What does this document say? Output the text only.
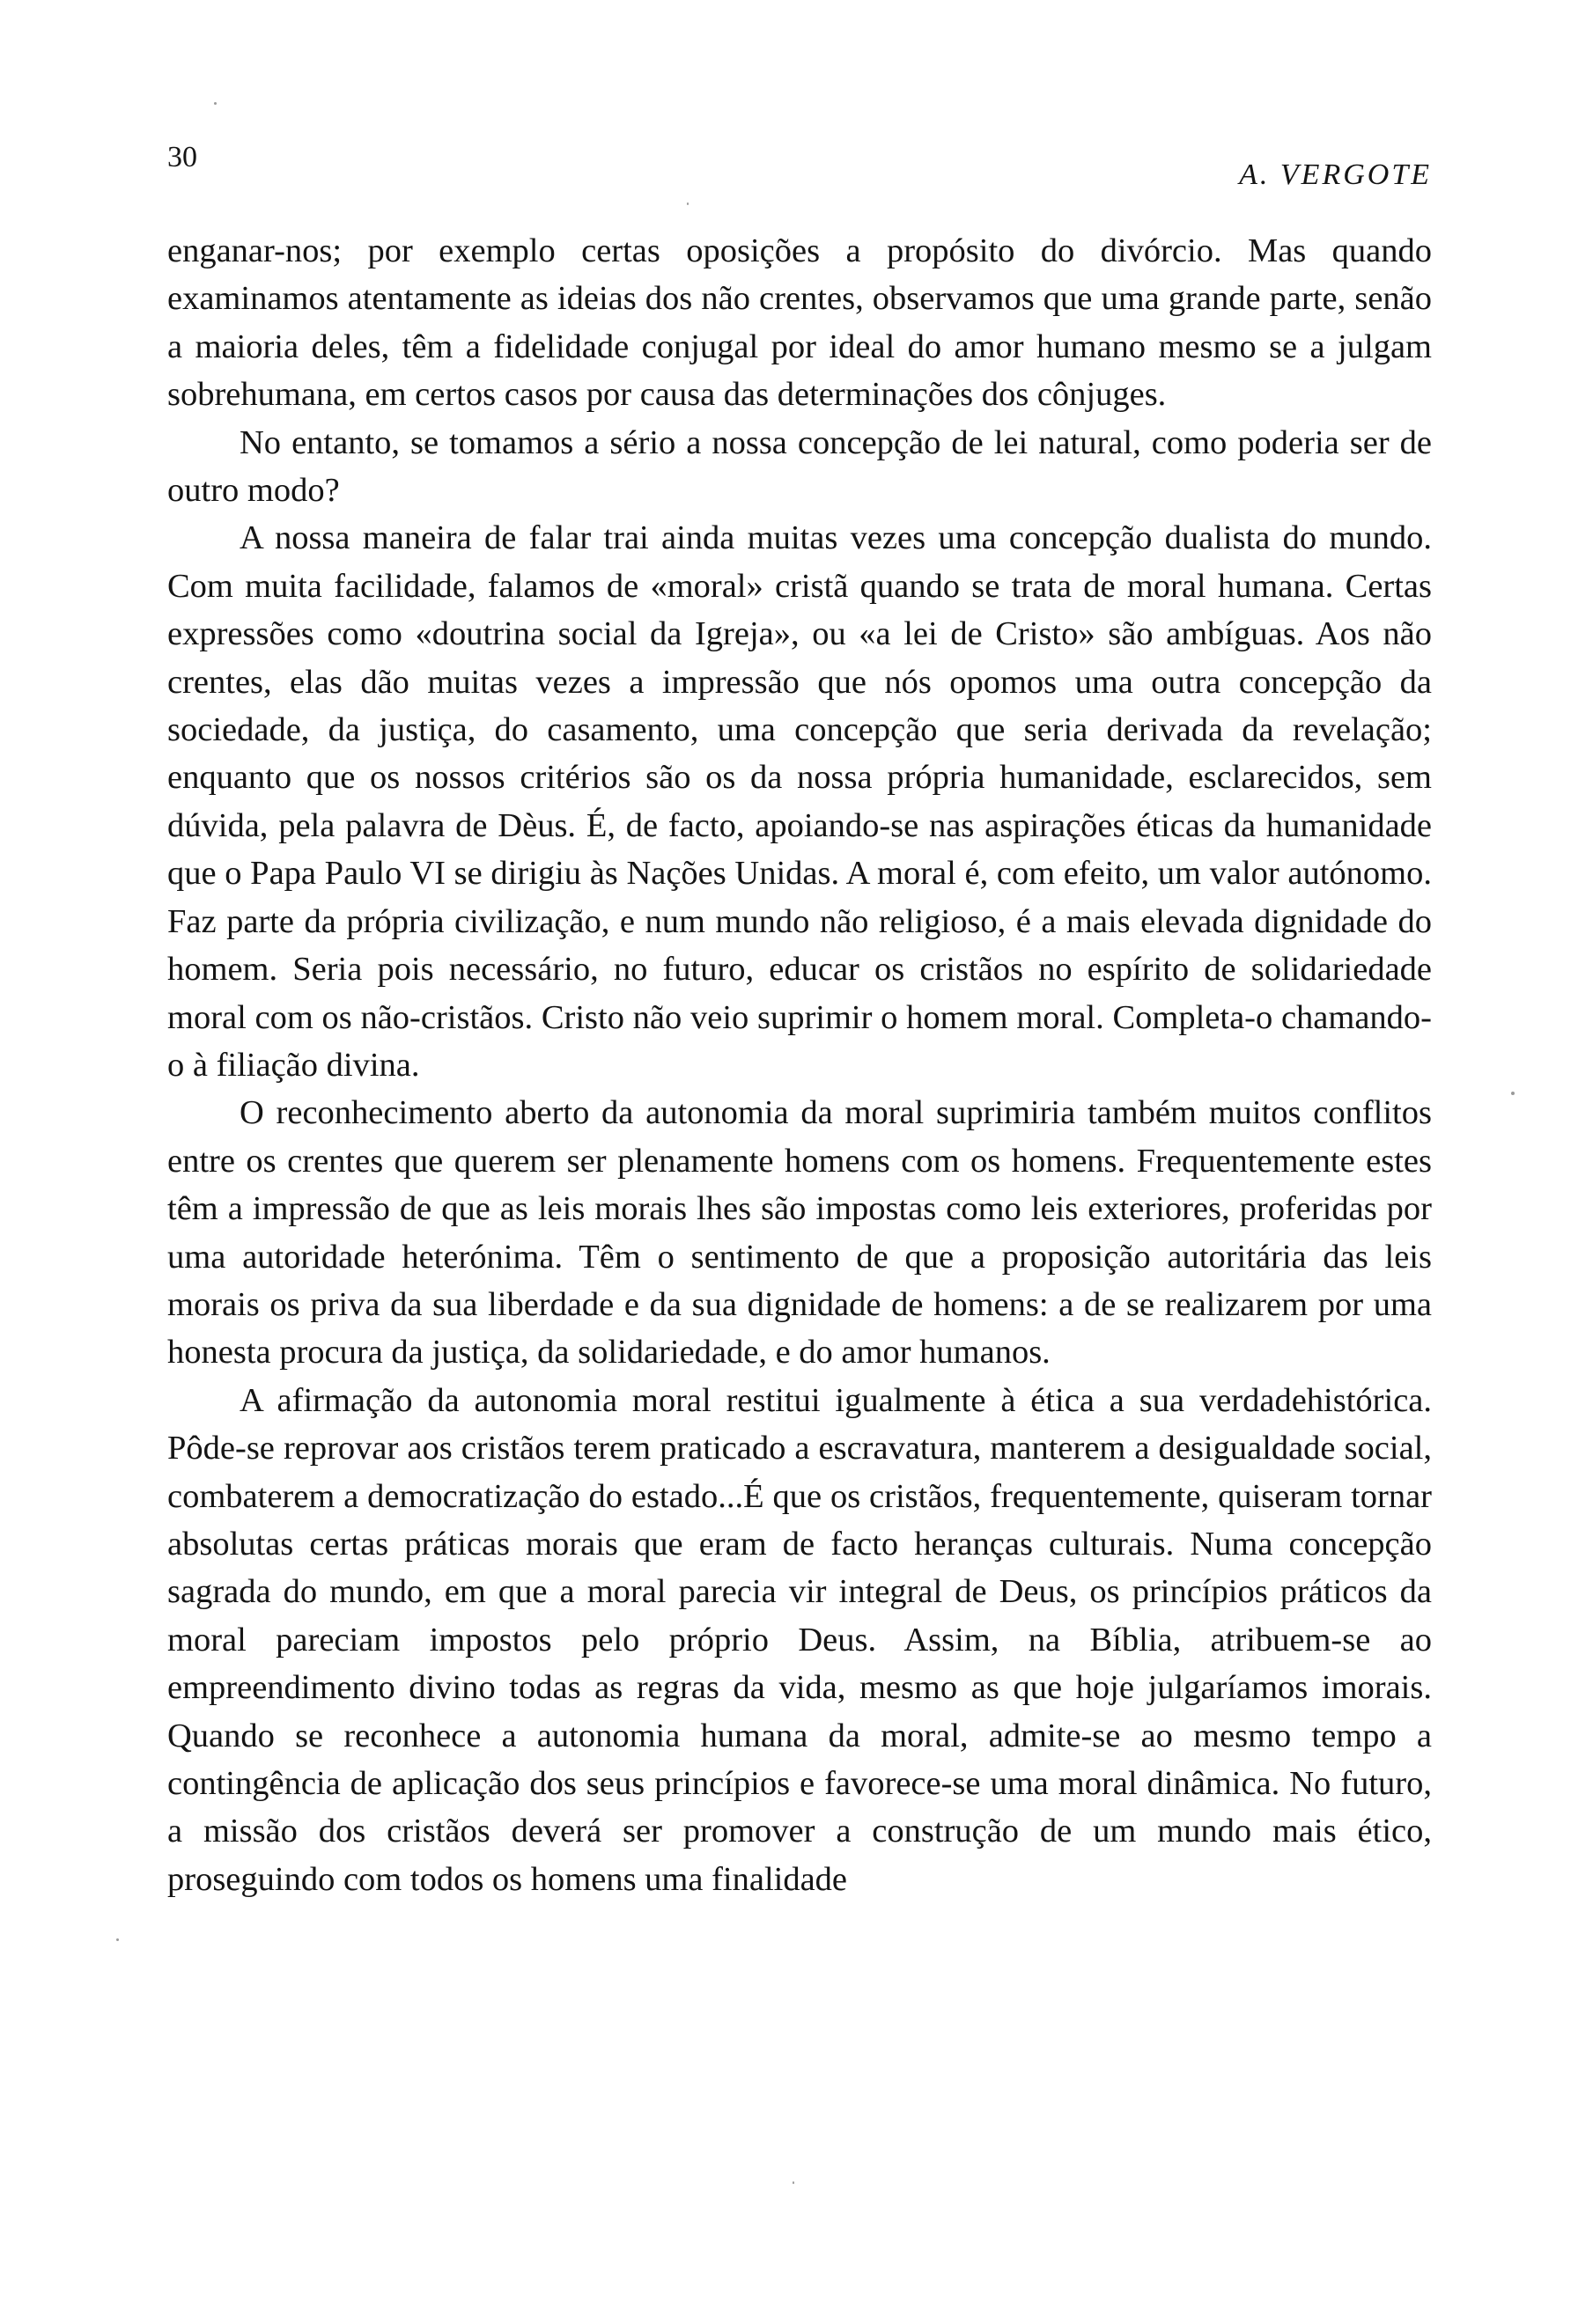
30
A. VERGOTE

enganar-nos; por exemplo certas oposições a propósito do divórcio. Mas quando examinamos atentamente as ideias dos não crentes, observamos que uma grande parte, senão a maioria deles, têm a fidelidade conjugal por ideal do amor humano mesmo se a julgam sobrehumana, em certos casos por causa das determinações dos cônjuges.

No entanto, se tomamos a sério a nossa concepção de lei natural, como poderia ser de outro modo?

A nossa maneira de falar trai ainda muitas vezes uma concepção dualista do mundo. Com muita facilidade, falamos de «moral» cristã quando se trata de moral humana. Certas expressões como «doutrina social da Igreja», ou «a lei de Cristo» são ambíguas. Aos não crentes, elas dão muitas vezes a impressão que nós opomos uma outra concepção da sociedade, da justiça, do casamento, uma concepção que seria derivada da revelação; enquanto que os nossos critérios são os da nossa própria humanidade, esclarecidos, sem dúvida, pela palavra de Dèus. É, de facto, apoiando-se nas aspirações éticas da humanidade que o Papa Paulo VI se dirigiu às Nações Unidas. A moral é, com efeito, um valor autónomo. Faz parte da própria civilização, e num mundo não religioso, é a mais elevada dignidade do homem. Seria pois necessário, no futuro, educar os cristãos no espírito de solidariedade moral com os não-cristãos. Cristo não veio suprimir o homem moral. Completa-o chamando-o à filiação divina.

O reconhecimento aberto da autonomia da moral suprimiria também muitos conflitos entre os crentes que querem ser plenamente homens com os homens. Frequentemente estes têm a impressão de que as leis morais lhes são impostas como leis exteriores, proferidas por uma autoridade heterónima. Têm o sentimento de que a proposição autoritária das leis morais os priva da sua liberdade e da sua dignidade de homens: a de se realizarem por uma honesta procura da justiça, da solidariedade, e do amor humanos.

A afirmação da autonomia moral restitui igualmente à ética a sua verdadehistórica. Pôde-se reprovar aos cristãos terem praticado a escravatura, manterem a desigualdade social, combaterem a democratização do estado...É que os cristãos, frequentemente, quiseram tornar absolutas certas práticas morais que eram de facto heranças culturais. Numa concepção sagrada do mundo, em que a moral parecia vir integral de Deus, os princípios práticos da moral pareciam impostos pelo próprio Deus. Assim, na Bíblia, atribuem-se ao empreendimento divino todas as regras da vida, mesmo as que hoje julgaríamos imorais. Quando se reconhece a autonomia humana da moral, admite-se ao mesmo tempo a contingência de aplicação dos seus princípios e favorece-se uma moral dinâmica. No futuro, a missão dos cristãos deverá ser promover a construção de um mundo mais ético, proseguindo com todos os homens uma finalidade
